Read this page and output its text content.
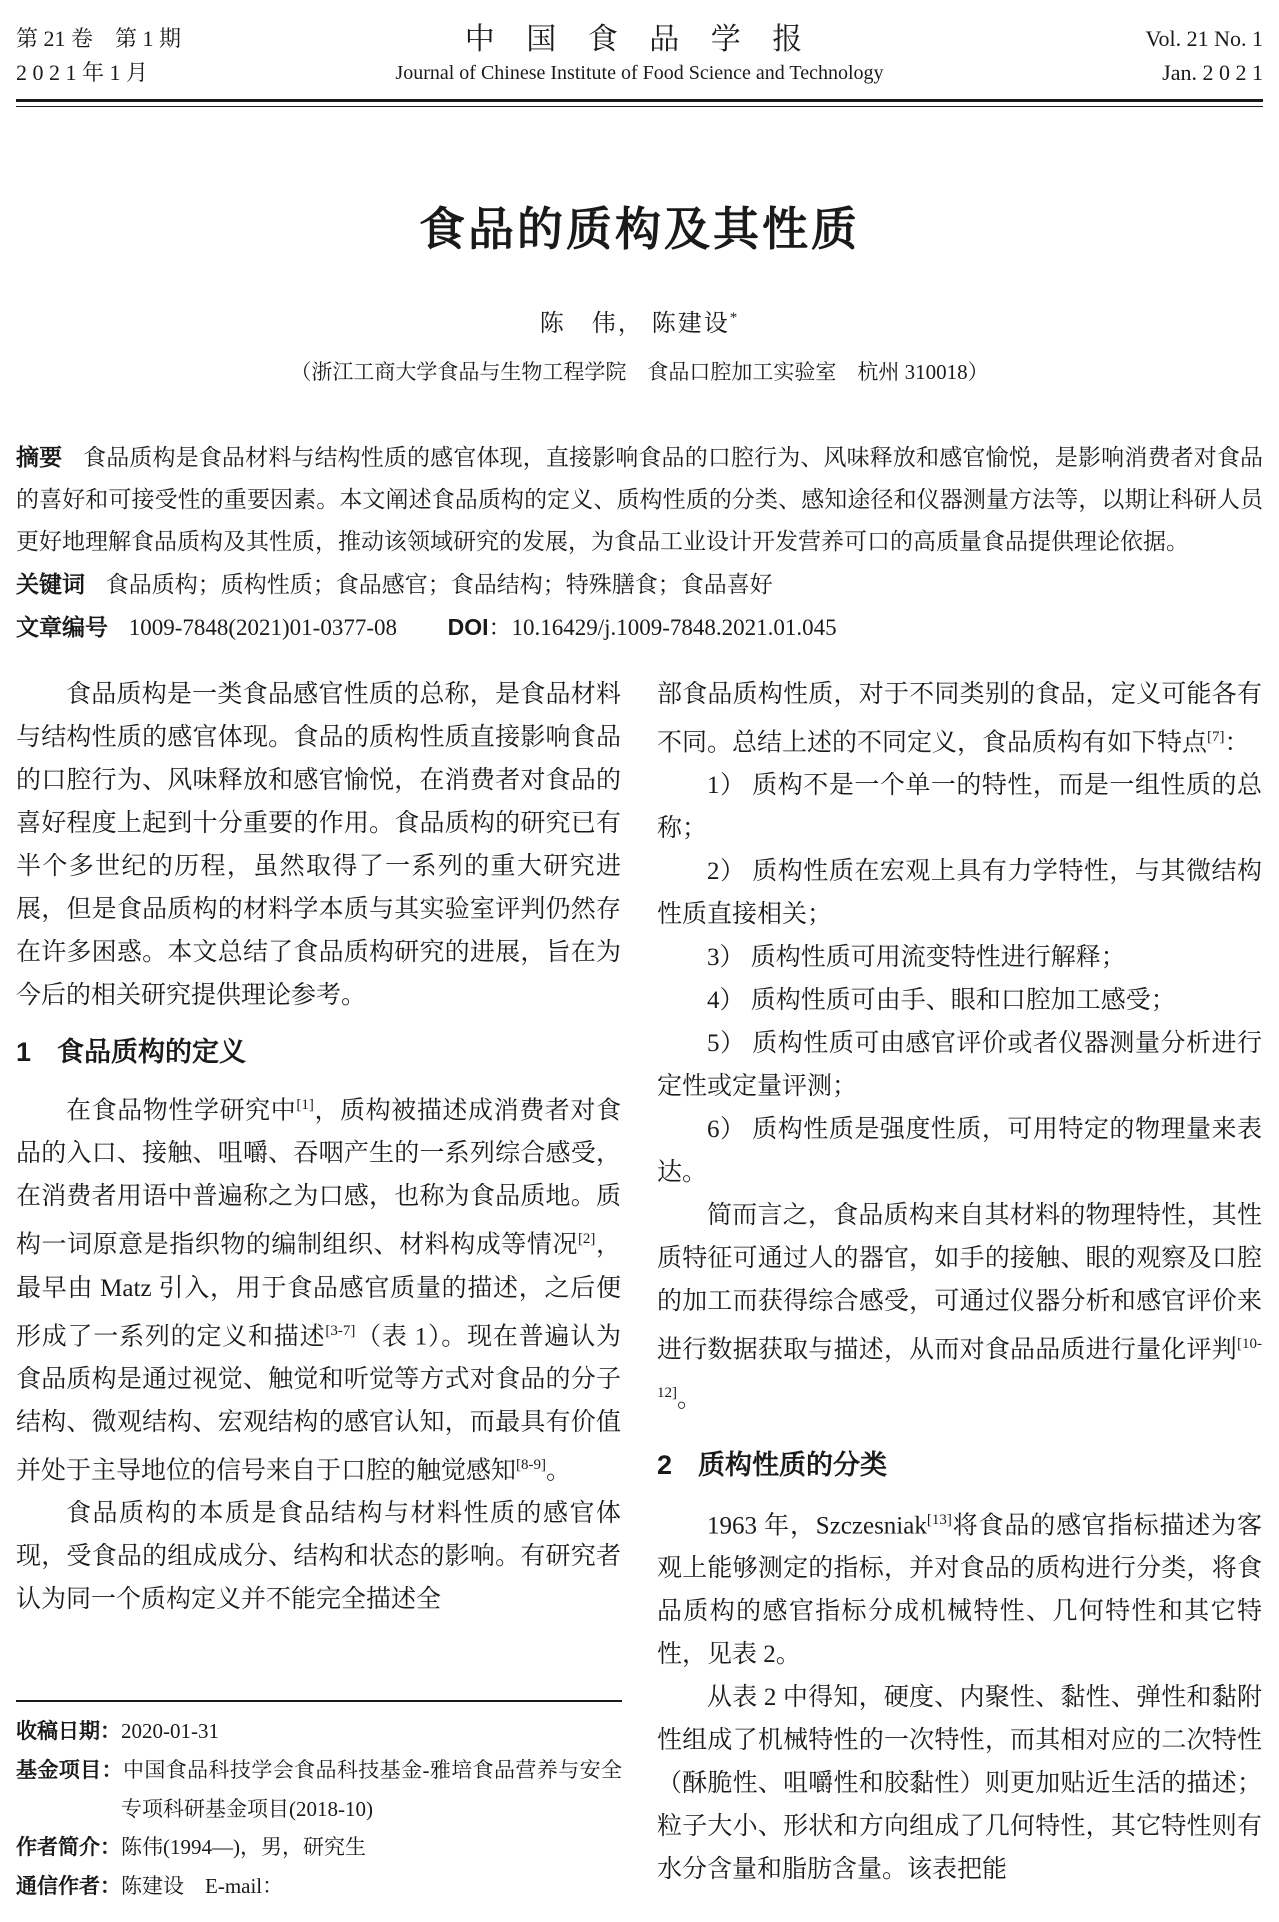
第 21 卷　第 1 期
2 0 2 1 年 1 月
中 国 食 品 学 报
Journal of Chinese Institute of Food Science and Technology
Vol. 21 No. 1
Jan. 2 0 2 1
食品的质构及其性质
陈　伟， 陈建设*
（浙江工商大学食品与生物工程学院　食品口腔加工实验室　杭州 310018）

摘要 食品质构是食品材料与结构性质的感官体现，直接影响食品的口腔行为、风味释放和感官愉悦，是影响消费者对食品的喜好和可接受性的重要因素。本文阐述食品质构的定义、质构性质的分类、感知途径和仪器测量方法等，以期让科研人员更好地理解食品质构及其性质，推动该领域研究的发展，为食品工业设计开发营养可口的高质量食品提供理论依据。

关键词 食品质构；质构性质；食品感官；食品结构；特殊膳食；食品喜好

文章编号 1009-7848(2021)01-0377-08 DOI：10.16429/j.1009-7848.2021.01.045

食品质构是一类食品感官性质的总称，是食品材料与结构性质的感官体现。食品的质构性质直接影响食品的口腔行为、风味释放和感官愉悦，在消费者对食品的喜好程度上起到十分重要的作用。食品质构的研究已有半个多世纪的历程，虽然取得了一系列的重大研究进展，但是食品质构的材料学本质与其实验室评判仍然存在许多困惑。本文总结了食品质构研究的进展，旨在为今后的相关研究提供理论参考。

1 食品质构的定义

在食品物性学研究中[1]，质构被描述成消费者对食品的入口、接触、咀嚼、吞咽产生的一系列综合感受，在消费者用语中普遍称之为口感，也称为食品质地。质构一词原意是指织物的编制组织、材料构成等情况[2]，最早由 Matz 引入，用于食品感官质量的描述，之后便形成了一系列的定义和描述[3-7]（表 1）。现在普遍认为食品质构是通过视觉、触觉和听觉等方式对食品的分子结构、微观结构、宏观结构的感官认知，而最具有价值并处于主导地位的信号来自于口腔的触觉感知[8-9]。

食品质构的本质是食品结构与材料性质的感官体现，受食品的组成成分、结构和状态的影响。有研究者认为同一个质构定义并不能完全描述全

部食品质构性质，对于不同类别的食品，定义可能各有不同。总结上述的不同定义，食品质构有如下特点[7]：

1） 质构不是一个单一的特性，而是一组性质的总称；

2） 质构性质在宏观上具有力学特性，与其微结构性质直接相关；

3） 质构性质可用流变特性进行解释；

4） 质构性质可由手、眼和口腔加工感受；

5） 质构性质可由感官评价或者仪器测量分析进行定性或定量评测；

6） 质构性质是强度性质，可用特定的物理量来表达。

简而言之，食品质构来自其材料的物理特性，其性质特征可通过人的器官，如手的接触、眼的观察及口腔的加工而获得综合感受，可通过仪器分析和感官评价来进行数据获取与描述，从而对食品品质进行量化评判[10-12]。

2 质构性质的分类

1963 年，Szczesniak[13]将食品的感官指标描述为客观上能够测定的指标，并对食品的质构进行分类，将食品质构的感官指标分成机械特性、几何特性和其它特性，见表 2。

从表 2 中得知，硬度、内聚性、黏性、弹性和黏附性组成了机械特性的一次特性，而其相对应的二次特性（酥脆性、咀嚼性和胶黏性）则更加贴近生活的描述；粒子大小、形状和方向组成了几何特性，其它特性则有水分含量和脂肪含量。该表把能

收稿日期：2020-01-31
基金项目：中国食品科技学会食品科技基金-雅培食品营养与安全专项科研基金项目(2018-10)
作者简介：陈伟(1994—)，男，研究生
通信作者：陈建设　E-mail：
